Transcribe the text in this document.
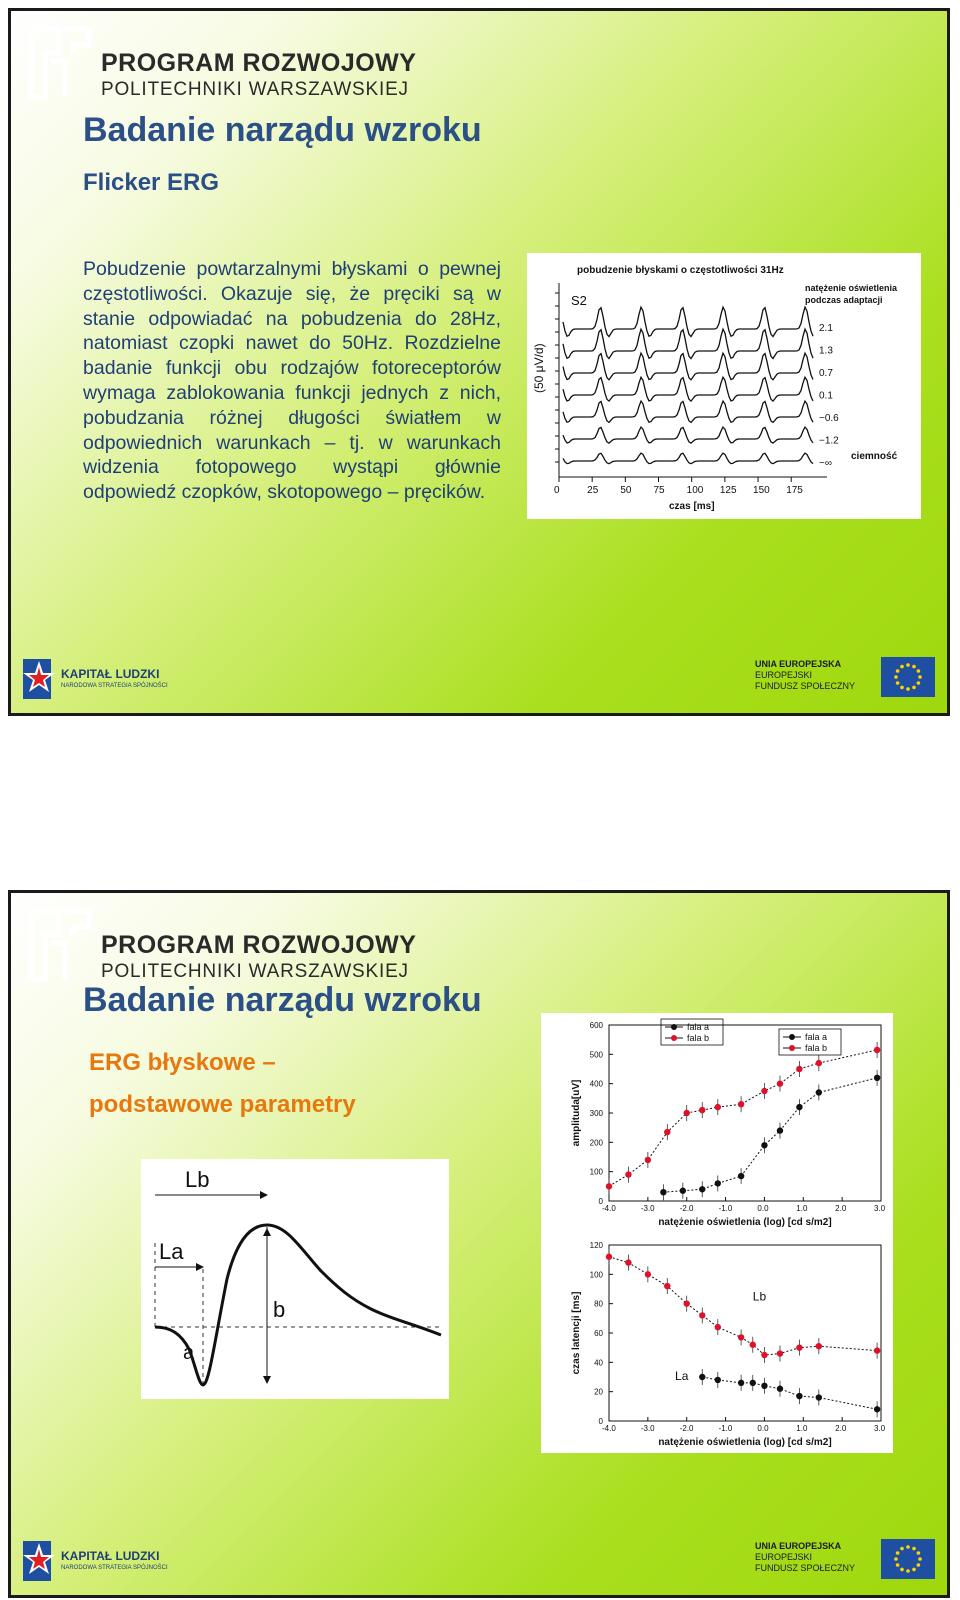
PROGRAM ROZWOJOWY
POLITECHNIKI WARSZAWSKIEJ
Badanie narządu wzroku
Flicker ERG
Pobudzenie powtarzalnymi błyskami o pewnej częstotliwości. Okazuje się, że pręciki są w stanie odpowiadać na pobudzenia do 28Hz, natomiast czopki nawet do 50Hz. Rozdzielne badanie funkcji obu rodzajów fotoreceptorów wymaga zablokowania funkcji jednych z nich, pobudzania różnej długości światłem w odpowiednich warunkach – tj. w warunkach widzenia fotopowego wystąpi głównie odpowiedź czopków, skotopowego – pręcików.
pobudzenie błyskami o częstotliwości 31Hz
(50 μV/d)
S2
natężenie oświetlenia
podczas adaptacji
2.1
1.3
0.7
0.1
−0.6
−1.2
−∞
ciemność
0	25 50 75 100 125 150 175
czas [ms]
KAPITAŁ LUDZKI
NARODOWA STRATEGIA SPÓJNOŚCI
UNIA EUROPEJSKA
EUROPEJSKI
FUNDUSZ SPOŁECZNY
PROGRAM ROZWOJOWY
POLITECHNIKI WARSZAWSKIEJ
Badanie narządu wzroku
ERG błyskowe –
podstawowe parametry
Lb
La
b
a
-4.0	-3.0	-2.0	-1.0	0.0	1.0	2.0	3.0
0
100
200
300
400
500
600
natężenie oświetlenia (log) [cd s/m2]
amplituda[uV]
fala a
fala b
-4.0	-3.0	-2.0	-1.0	0.0	1.0	2.0	3.0
0
20
40
60
80
100
120
natężenie oświetlenia (log) [cd s/m2]
czas latencji [ms]
fala a
fala b
Lb
La
KAPITAŁ LUDZKI
NARODOWA STRATEGIA SPÓJNOŚCI
UNIA EUROPEJSKA
EUROPEJSKI
FUNDUSZ SPOŁECZNY
